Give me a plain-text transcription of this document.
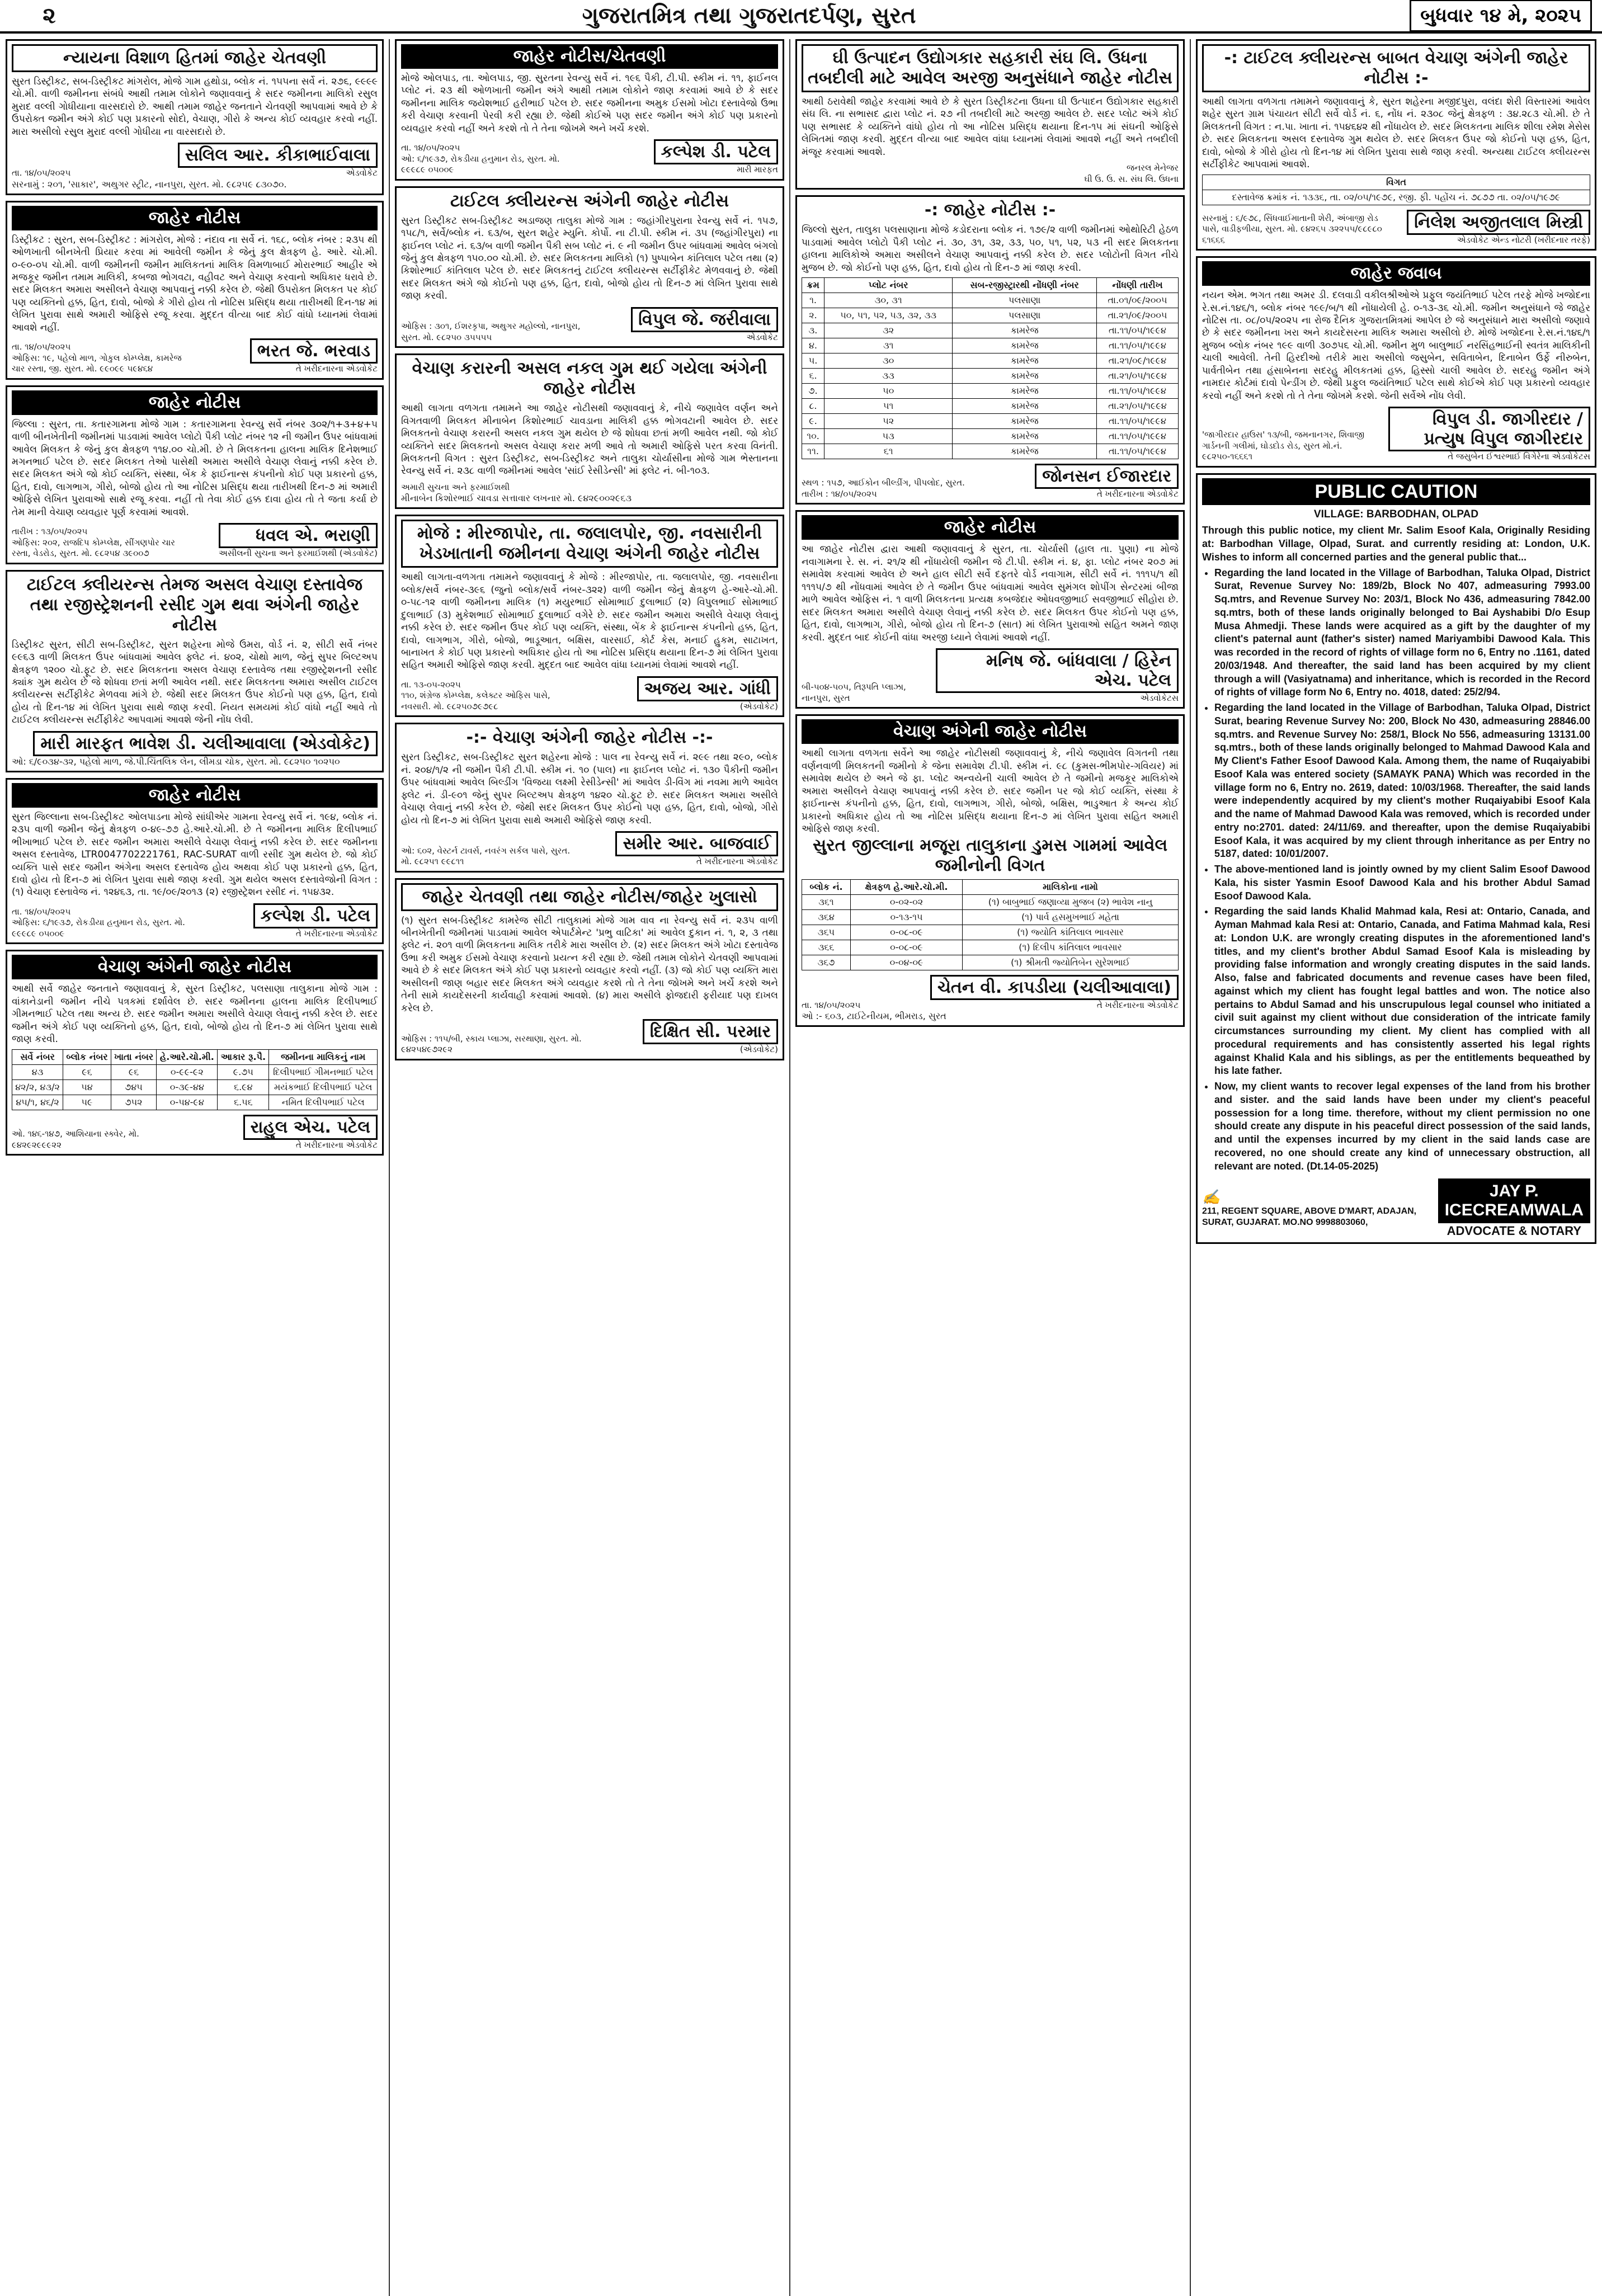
૨	ગુજરાતમિત્ર તથા ગુજરાતદર્પણ, સુરત	બુધવાર ૧૪ મે, ૨૦૨૫
ન્યાયના વિશાળ હિતમાં જાહેર ચેતવણી
સુરત ડિસ્ટ્રીકટ, સબ-ડિસ્ટ્રીકટ માંગરોલ, મોજે ગામ હથોડા, બ્લોક નં. ૧૫૫ના સર્વે નં. ૨૭૬, ૯૯૯૯ ચો.મી. વાળી જમીનના સંબંધે આથી તમામ લોકોને જણાવવાનું કે સદર જમીનના માલિકો રસુલ મુરાદ વલ્લી ગોધીયાના વારસદારો છે. આથી તમામ જાહેર જનતાને ચેતવણી આપવામાં આવે છે કે ઉપરોક્ત જમીન અંગે કોઈ પણ પ્રકારનો સોદો, વેચાણ, ગીરો કે અન્ય કોઈ વ્યવહાર કરવો નહીં. મારા અસીલો રસુલ મુરાદ વલ્લી ગોધીયા ના વારસદારો છે.
તા. ૧૪/૦૫/૨૦૨૫
સલિલ આર. કીકાભાઈવાલા
એડવોકેટ
સરનામું : ૨૦૧, 'સાકાર', અથુગર સ્ટ્રીટ, નાનપુરા, સુરત. મો. ૯૮૨૫૯ ૮૩૦૭૦.
જાહેર નોટીસ
ડિસ્ટ્રીકટ : સુરત, સબ-ડિસ્ટ્રીકટ : માંગરોલ, મોજે : નંદાવ ના સર્વે નં. ૧૬૮, બ્લોક નંબર : ૨૩૫ થી ઓળખાતી બીનખેતી પ્રિયાર કરવા માં આવેલી જમીન કે જેનું કુલ ક્ષેત્રફળ હે. આરે. ચો.મી. ૦-૯૦-૦૫ ચો.મી. વાળી જમીનની જમીન માલિકતનાં માલિક વિમળાબાઈ મોરારભાઈ આહીર એ મજકૂર જમીન તમામ માલિકી, કબજા ભોગવટા, વહીવટ અને વેચાણ કરવાનો અધિકાર ધરાવે છે. સદર મિલકત અમારા અસીલને વેચાણ આપવાનું નક્કી કરેલ છે. જેથી ઉપરોક્ત મિલકત પર કોઈ પણ વ્યક્તિનો હક્ક, હિત, દાવો, બોજો કે ગીરો હોય તો નોટિસ પ્રસિદ્ધ થયા તારીખથી દિન-૧૪ માં લેખિત પુરાવા સાથે અમારી ઓફિસે રજૂ કરવા. મુદ્દત વીત્યા બાદ કોઈ વાંધો ધ્યાનમાં લેવામાં આવશે નહીં.
તા. ૧૪/૦૫/૨૦૨૫
ઓફિસ: ૧૯, પહેલો માળ, ગોકુલ કોમ્પ્લેક્ષ, કામરેજ ચાર રસ્તા, જી. સુરત. મો. ૯૯૦૯૯ ૫૯૪૬૪
ભરત જે. ભરવાડ
તે ખરીદનારના એડવોકેટ
જાહેર નોટીસ
જિલ્લા : સુરત, તા. કતારગામના મોજે ગામ : કતારગામના રેવન્યુ સર્વે નંબર ૩૦૨/૧+૩+૪+૫ વાળી બીનખેતીની જમીનમાં પાડવામાં આવેલ પ્લોટો પૈકી પ્લોટ નંબર ૧૨ ની જમીન ઉપર બાંધવામાં આવેલ મિલકત કે જેનું કુલ ક્ષેત્રફળ ૧૧૪.૦૦ ચો.મી. છે તે મિલકતના હાલના માલિક દિનેશભાઈ મગનભાઈ પટેલ છે. સદર મિલકત તેઓ પાસેથી અમારા અસીલે વેચાણ લેવાનું નક્કી કરેલ છે. સદર મિલકત અંગે જો કોઈ વ્યક્તિ, સંસ્થા, બેંક કે ફાઈનાન્સ કંપનીનો કોઈ પણ પ્રકારનો હક્ક, હિત, દાવો, લાગભાગ, ગીરો, બોજો હોય તો આ નોટિસ પ્રસિદ્ધ થયા તારીખથી દિન-૭ માં અમારી ઓફિસે લેખિત પુરાવાઓ સાથે રજૂ કરવા. નહીં તો તેવા કોઈ હક્ક દાવા હોય તો તે જતા કર્યા છે તેમ માની વેચાણ વ્યવહાર પૂર્ણ કરવામાં આવશે.
તારીખ : ૧૩/૦૫/૨૦૨૫
ઓફિસ: ૨૦૨, રાજદિપ કોમ્પ્લેક્ષ, સીંગણપોર ચાર રસ્તા, વેડરોડ, સુરત. મો. ૯૮૨૫૪ ૩૯૦૦૭
ધવલ એ. ભરાણી
અસીલની સુચના અને ફરમાઈશથી (એડવોકેટ)
ટાઈટલ ક્લીયરન્સ તેમજ અસલ વેચાણ દસ્તાવેજ તથા રજીસ્ટ્રેશનની રસીદ ગુમ થવા અંગેની જાહેર નોટીસ
ડિસ્ટ્રીકટ સુરત, સીટી સબ-ડિસ્ટ્રીકટ, સુરત શહેરના મોજે ઉમરા, વોર્ડ નં. ૨, સીટી સર્વે નંબર ૯૯૬૩ વાળી મિલકત ઉપર બાંધવામાં આવેલ ફ્લેટ નં. ૪૦૨, ચોથો માળ, જેનું સુપર બિલ્ટઅપ ક્ષેત્રફળ ૧૨૦૦ ચો.ફૂટ છે. સદર મિલકતના અસલ વેચાણ દસ્તાવેજ તથા રજીસ્ટ્રેશનની રસીદ ક્યાંક ગુમ થયેલ છે જે શોધવા છતાં મળી આવેલ નથી. સદર મિલકતના અમારા અસીલ ટાઈટલ ક્લીયરન્સ સર્ટીફીકેટ મેળવવા માંગે છે. જેથી સદર મિલકત ઉપર કોઈનો પણ હક્ક, હિત, દાવો હોય તો દિન-૧૪ માં લેખિત પુરાવા સાથે જાણ કરવી. નિયત સમયમાં કોઈ વાંધો નહીં આવે તો ટાઈટલ ક્લીયરન્સ સર્ટીફીકેટ આપવામાં આવશે જેની નોંધ લેવી.
મારી મારફત ભાવેશ ડી. ચલીઆવાલા (એડવોકેટ)
ઓ: ૬/૯૦૩૪-૩૨, પહેલો માળ, જે.પી.ચિંતલિક લેન, લીમડા ચોક, સુરત. મો. ૯૮૨૫૦ ૧૦૨૫૦
જાહેર નોટીસ
સુરત જિલ્લાના સબ-ડિસ્ટ્રીકટ ઓલપાડના મોજે સાંધીએર ગામના રેવન્યુ સર્વે નં. ૧૯૪, બ્લોક નં. ૨૩૫ વાળી જમીન જેનું ક્ષેત્રફળ ૦-૪૯-૭૭ હે.આરે.ચો.મી. છે તે જમીનના માલિક દિલીપભાઈ ભીખાભાઈ પટેલ છે. સદર જમીન અમારા અસીલે વેચાણ લેવાનું નક્કી કરેલ છે. સદર જમીનના અસલ દસ્તાવેજ, LTR0047702221761, RAC-SURAT વાળી રસીદ ગુમ થયેલ છે. જો કોઈ વ્યક્તિ પાસે સદર જમીન અંગેના અસલ દસ્તાવેજ હોય અથવા કોઈ પણ પ્રકારનો હક્ક, હિત, દાવો હોય તો દિન-૭ માં લેખિત પુરાવા સાથે જાણ કરવી. ગુમ થયેલ અસલ દસ્તાવેજોની વિગત : (૧) વેચાણ દસ્તાવેજ નં. ૧૨૪૬૩, તા. ૧૯/૦૯/૨૦૧૩ (૨) રજીસ્ટ્રેશન રસીદ નં. ૧૫૪૩૨.
તા. ૧૪/૦૫/૨૦૨૫
ઓફિસ: ૬/૧૯૩૭, રોકડીયા હનુમાન રોડ, સુરત. મો. ૯૯૯૮૯ ૦૫૦૦૯
કલ્પેશ ડી. પટેલ
તે ખરીદનારના એડવોકેટ
વેચાણ અંગેની જાહેર નોટીસ
આથી સર્વે જાહેર જનતાને જણાવવાનું કે, સુરત ડિસ્ટ્રીકટ, પલસાણા તાલુકાના મોજે ગામ : વાંકાનેડાની જમીન નીચે પત્રકમાં દર્શાવેલ છે. સદર જમીનના હાલના માલિક દિલીપભાઈ ગીમનભાઈ પટેલ તથા અન્ય છે. સદર જમીન અમારા અસીલે વેચાણ લેવાનું નક્કી કરેલ છે. સદર જમીન અંગે કોઈ પણ વ્યક્તિનો હક્ક, હિત, દાવો, બોજો હોય તો દિન-૭ માં લેખિત પુરાવા સાથે જાણ કરવી.
સર્વે નંબર	બ્લોક નંબર	ખાતા નંબર	હે.આરે.ચો.મી.	આકાર રૂ.પૈ.	જમીનના માલિકનું નામ
૪૩	૯૬	૯૬	૦-૯૯-૯૨	૯.૭૫	દિલીપભાઈ ગીમનભાઈ પટેલ
૪૨/૨, ૪૩/૨	૫૪	૭૪૫	૦-૩૯-૪૪	૬.૯૪	મયંકભાઈ દિલીપભાઈ પટેલ
૪૫/૧, ૪૬/૨	૫૯	૭૫૨	૦-૫૪-૯૪	૬.૫૬	નમિત દિલીપભાઈ પટેલ
ઓ. ૧૪૬-૧૪૭, આશિયાના સ્ક્વેર, મો. ૯૪૨૯૨૯૯૯૨૨
રાહુલ એચ. પટેલ
તે ખરીદનારના એડવોકેટ
જાહેર નોટીસ/ચેતવણી
મોજે ઓલપાડ, તા. ઓલપાડ, જી. સુરતના રેવન્યુ સર્વે નં. ૧૯૬ પૈકી, ટી.પી. સ્કીમ નં. ૧૧, ફાઈનલ પ્લોટ નં. ૨૩ થી ઓળખાતી જમીન અંગે આથી તમામ લોકોને જાણ કરવામાં આવે છે કે સદર જમીનના માલિક જયેશભાઈ હરીભાઈ પટેલ છે. સદર જમીનના અમુક ઈસમો ખોટા દસ્તાવેજો ઉભા કરી વેચાણ કરવાની પેરવી કરી રહ્યા છે. જેથી કોઈએ પણ સદર જમીન અંગે કોઈ પણ પ્રકારનો વ્યવહાર કરવો નહીં અને કરશે તો તે તેના જોખમે અને ખર્ચે કરશે.
તા. ૧૪/૦૫/૨૦૨૫
ઓ: ૬/૧૯૩૭, રોકડીયા હનુમાન રોડ, સુરત. મો. ૯૯૯૮૯ ૦૫૦૦૯
કલ્પેશ ડી. પટેલ
મારી મારફત
ટાઈટલ ક્લીયરન્સ અંગેની જાહેર નોટીસ
સુરત ડિસ્ટ્રીકટ સબ-ડિસ્ટ્રીકટ અડાજણ તાલુકા મોજે ગામ : જહાંગીરપુરાના રેવન્યુ સર્વે નં. ૧૫૭, ૧૫૮/૧, સર્વે/બ્લોક નં. ૬૩/બ, સુરત શહેર મ્યુનિ. કોર્પો. ના ટી.પી. સ્કીમ નં. ૩૫ (જહાંગીરપુરા) ના ફાઈનલ પ્લોટ નં. ૬૩/બ વાળી જમીન પૈકી સબ પ્લોટ નં. ૯ ની જમીન ઉપર બાંધવામાં આવેલ બંગલો જેનું કુલ ક્ષેત્રફળ ૧૫૦.૦૦ ચો.મી. છે. સદર મિલકતના માલિકો (૧) પુષ્પાબેન કાંતિલાલ પટેલ તથા (૨) કિશોરભાઈ કાંતિલાલ પટેલ છે. સદર મિલકતનું ટાઈટલ ક્લીયરન્સ સર્ટીફીકેટ મેળવવાનું છે. જેથી સદર મિલકત અંગે જો કોઈનો પણ હક્ક, હિત, દાવો, બોજો હોય તો દિન-૭ માં લેખિત પુરાવા સાથે જાણ કરવી.
ઓફિસ : ૩૦૧, ઈશરકૃપા, અથુગર મહોલ્લો, નાનપુરા, સુરત. મો. ૯૮૨૫૦ ૩૫૫૫૫
વિપુલ જે. જરીવાલા
એડવોકેટ
વેચાણ કરારની અસલ નકલ ગુમ થઈ ગયેલા અંગેની જાહેર નોટીસ
આથી લાગતા વળગતા તમામને આ જાહેર નોટીસથી જણાવવાનું કે, નીચે જણાવેલ વર્ણન અને વિગતવાળી મિલકત મીનાબેન કિશોરભાઈ ચાવડાના માલિકી હક્ક ભોગવટાની આવેલ છે. સદર મિલકતનો વેચાણ કરારની અસલ નકલ ગુમ થયેલ છે જે શોધવા છતાં મળી આવેલ નથી. જો કોઈ વ્યક્તિને સદર મિલકતનો અસલ વેચાણ કરાર મળી આવે તો અમારી ઓફિસે પરત કરવા વિનંતી. મિલકતની વિગત : સુરત ડિસ્ટ્રીકટ, સબ-ડિસ્ટ્રીકટ અને તાલુકા ચોર્યાસીના મોજે ગામ ભેસ્તાનના રેવન્યુ સર્વે નં. ૨૩૮ વાળી જમીનમાં આવેલ 'સાંઈ રેસીડેન્સી' માં ફ્લેટ નં. બી-૧૦૩.
અમારી સુચના અને ફરમાઈશથી
મીનાબેન કિશોરભાઈ ચાવડા સત્તાવાર લખનાર મો. ૯૪૨૯૦૦૨૯૬૩
મોજે : મીરજાપોર, તા. જલાલપોર, જી. નવસારીની ખેડખાતાની જમીનના વેચાણ અંગેની જાહેર નોટીસ
આથી લાગતા-વળગતા તમામને જણાવવાનું કે મોજે : મીરજાપોર, તા. જલાલપોર, જી. નવસારીના બ્લોક/સર્વે નંબર-૩૯૬ (જુનો બ્લોક/સર્વે નંબર-૩૨૨) વાળી જમીન જેનું ક્ષેત્રફળ હે-આરે-ચો.મી. ૦-૫૮-૧૨ વાળી જમીનના માલિક (૧) મયુરભાઈ સોમાભાઈ દુલાભાઈ (૨) વિપુલભાઈ સોમાભાઈ દુલાભાઈ (૩) મુકેશભાઈ સોમાભાઈ દુલાભાઈ વગેરે છે. સદર જમીન અમારા અસીલે વેચાણ લેવાનું નક્કી કરેલ છે. સદર જમીન ઉપર કોઈ પણ વ્યક્તિ, સંસ્થા, બેંક કે ફાઈનાન્સ કંપનીનો હક્ક, હિત, દાવો, લાગભાગ, ગીરો, બોજો, ભાડૂઆત, બક્ષિસ, વારસાઈ, કોર્ટ કેસ, મનાઈ હુકમ, સાટાખત, બાનાખત કે કોઈ પણ પ્રકારનો અધિકાર હોય તો આ નોટિસ પ્રસિદ્ધ થયાના દિન-૭ માં લેખિત પુરાવા સહિત અમારી ઓફિસે જાણ કરવી. મુદ્દત બાદ આવેલ વાંધા ધ્યાનમાં લેવામાં આવશે નહીં.
તા. ૧૩-૦૫-૨૦૨૫
૧૧૦, શંગ્રેજ કોમ્પ્લેક્ષ, કલેક્ટર ઓફિસ પાસે, નવસારી. મો. ૯૮૨૫૦૭૯૭૯૮
અજય આર. ગાંધી
(એડવોકેટ)
-:- વેચાણ અંગેની જાહેર નોટીસ -:-
સુરત ડિસ્ટ્રીકટ, સબ-ડિસ્ટ્રીકટ સુરત શહેરના મોજે : પાલ ના રેવન્યુ સર્વે નં. ૨૯૯ તથા ૨૯૦, બ્લોક નં. ૨૦૪/૧/૨ ની જમીન પૈકી ટી.પી. સ્કીમ નં. ૧૦ (પાલ) ના ફાઈનલ પ્લોટ નં. ૧૩૦ પૈકીની જમીન ઉપર બાંધવામાં આવેલ બિલ્ડીંગ 'વિજયા લક્ષ્મી રેસીડેન્સી' માં આવેલ ડી-વિંગ માં નવમા માળે આવેલ ફ્લેટ નં. ડી-૯૦૧ જેનું સુપર બિલ્ટઅપ ક્ષેત્રફળ ૧૪૨૦ ચો.ફૂટ છે. સદર મિલકત અમારા અસીલે વેચાણ લેવાનું નક્કી કરેલ છે. જેથી સદર મિલકત ઉપર કોઈનો પણ હક્ક, હિત, દાવો, બોજો, ગીરો હોય તો દિન-૭ માં લેખિત પુરાવા સાથે અમારી ઓફિસે જાણ કરવી.
ઓ: ૬૦૨, વેસ્ટર્ન ટાવર્સ, નવરંગ સર્કલ પાસે, સુરત. મો. ૯૮૨૫૧ ૯૯૮૧૧
સમીર આર. બાજવાઈ
તે ખરીદનારના એડવોકેટ
જાહેર ચેતવણી તથા જાહેર નોટીસ/જાહેર ખુલાસો
(૧) સુરત સબ-ડિસ્ટ્રીકટ કામરેજ સીટી તાલુકામાં મોજે ગામ વાવ ના રેવન્યુ સર્વે નં. ૨૩૫ વાળી બીનખેતીની જમીનમાં પાડવામાં આવેલ એપાર્ટમેન્ટ 'પ્રભુ વાટિકા' માં આવેલ દુકાન નં. ૧, ૨, ૩ તથા ફ્લેટ નં. ૨૦૧ વાળી મિલકતના માલિક તરીકે મારા અસીલ છે. (૨) સદર મિલકત અંગે ખોટા દસ્તાવેજ ઉભા કરી અમુક ઈસમો વેચાણ કરવાનો પ્રયત્ન કરી રહ્યા છે. જેથી તમામ લોકોને ચેતવણી આપવામાં આવે છે કે સદર મિલકત અંગે કોઈ પણ પ્રકારનો વ્યવહાર કરવો નહીં. (૩) જો કોઈ પણ વ્યક્તિ મારા અસીલની જાણ બહાર સદર મિલકત અંગે વ્યવહાર કરશે તો તે તેના જોખમે અને ખર્ચે કરશે અને તેની સામે કાયદેસરની કાર્યવાહી કરવામાં આવશે. (૪) મારા અસીલે ફોજદારી ફરીયાદ પણ દાખલ કરેલ છે.
ઓફિસ : ૧૧૫/બી, સ્કાય પ્લાઝા, સરથાણા, સુરત. મો. ૯૪૨૫૪૯૭૨૯૨
દિક્ષિત સી. પરમાર
(એડવોકેટ)
ઘી ઉત્પાદન ઉદ્યોગકાર સહકારી સંઘ લિ. ઉધના તબદીલી માટે આવેલ અરજી અનુસંધાને જાહેર નોટીસ
આથી ઠરાવેથી જાહેર કરવામાં આવે છે કે સુરત ડિસ્ટ્રીકટના ઉધના ઘી ઉત્પાદન ઉદ્યોગકાર સહકારી સંઘ લિ. ના સભાસદ દ્વારા પ્લોટ નં. ૨૭ ની તબદીલી માટે અરજી આવેલ છે. સદર પ્લોટ અંગે કોઈ પણ સભાસદ કે વ્યક્તિને વાંધો હોય તો આ નોટિસ પ્રસિદ્ધ થયાના દિન-૧૫ માં સંઘની ઓફિસે લેખિતમાં જાણ કરવી. મુદ્દત વીત્યા બાદ આવેલ વાંધા ધ્યાનમાં લેવામાં આવશે નહીં અને તબદીલી મંજૂર કરવામાં આવશે.
જનરલ મેનેજર
ઘી ઉ. ઉ. સ. સંઘ લિ. ઉધના
-: જાહેર નોટીસ :-
જિલ્લો સુરત, તાલુકા પલસાણાના મોજે કડોદરાના બ્લોક નં. ૧૭૯/૨ વાળી જમીનમાં ઓથોરિટી હેઠળ પાડવામાં આવેલ પ્લોટો પૈકી પ્લોટ નં. ૩૦, ૩૧, ૩૨, ૩૩, ૫૦, ૫૧, ૫૨, ૫૩ ની સદર મિલકતના હાલના માલિકોએ અમારા અસીલને વેચાણ આપવાનું નક્કી કરેલ છે. સદર પ્લોટોની વિગત નીચે મુજબ છે. જો કોઈનો પણ હક્ક, હિત, દાવો હોય તો દિન-૭ માં જાણ કરવી.
ક્રમ	પ્લોટ નંબર	સબ-રજીસ્ટ્રારથી નોંધણી નંબર	નોંધણી તારીખ
૧.	૩૦, ૩૧	પલસાણા	તા.૦૧/૦૯/૨૦૦૫
૨.	૫૦, ૫૧, ૫૨, ૫૩, ૩૨, ૩૩	પલસાણા	તા.૨૧/૦૯/૨૦૦૫
૩.	૩૨	કામરેજ	તા.૧૧/૦૫/૧૯૯૪
૪.	૩૧	કામરેજ	તા.૧૧/૦૫/૧૯૯૪
૫.	૩૦	કામરેજ	તા.૨૧/૦૯/૧૯૯૪
૬.	૩૩	કામરેજ	તા.૨૧/૦૫/૧૯૯૪
૭.	૫૦	કામરેજ	તા.૧૧/૦૫/૧૯૯૪
૮.	૫૧	કામરેજ	તા.૨૧/૦૫/૧૯૯૪
૯.	૫૨	કામરેજ	તા.૧૧/૦૫/૧૯૯૪
૧૦.	૫૩	કામરેજ	તા.૧૧/૦૫/૧૯૯૪
૧૧.	૬૧	કામરેજ	તા.૧૧/૦૫/૧૯૯૪
સ્થળ : ૧૫૭, આઈકોન બીલ્ડીંગ, પીપલોદ, સુરત.
તારીખ : ૧૪/૦૫/૨૦૨૫
જોનસન ઈજારદાર
તે ખરીદનારના એડવોકેટ
જાહેર નોટીસ
આ જાહેર નોટીસ દ્વારા આથી જણાવવાનું કે સુરત, તા. ચોર્યાસી (હાલ તા. પુણા) ના મોજે નવાગામના રે. સ. નં. ૨૧/૨ થી નોંધાયેલી જમીન જે ટી.પી. સ્કીમ નં. ૪, ફા. પ્લોટ નંબર ૨૦૭ માં સમાવેશ કરવામાં આવેલ છે અને હાલ સીટી સર્વે દફતરે વોર્ડ નવાગામ, સીટી સર્વે નં. ૧૧૧૫/૧ થી ૧૧૧૫/૭ થી નોંધવામાં આવેલ છે તે જમીન ઉપર બાંધવામાં આવેલ સુમંગલ શોપીંગ સેન્ટરમાં બીજા માળે આવેલ ઓફિસ નં. ૧ વાળી મિલકતના પ્રત્યક્ષ કબજેદાર ઓધવજીભાઈ સવજીભાઈ સીહોરા છે. સદર મિલકત અમારા અસીલે વેચાણ લેવાનું નક્કી કરેલ છે. સદર મિલકત ઉપર કોઈનો પણ હક્ક, હિત, દાવો, લાગભાગ, ગીરો, બોજો હોય તો દિન-૭ (સાત) માં લેખિત પુરાવાઓ સહિત અમને જાણ કરવી. મુદ્દત બાદ કોઈની વાંધા અરજી ધ્યાને લેવામાં આવશે નહીં.
બી-૫૦૪-૫૦૫, તિરૂપતિ પ્લાઝા, નાનપુરા, સુરત
મનિષ જે. બાંધવાલા / હિરેન એચ. પટેલ
એડવોકેટસ
વેચાણ અંગેની જાહેર નોટીસ
આથી લાગતા વળગતા સર્વેને આ જાહેર નોટીસથી જણાવવાનું કે, નીચે જણાવેલ વિગતની તથા વર્ણનવાળી મિલકતની જમીનો કે જેના સમાવેશ ટી.પી. સ્કીમ નં. ૯૮ (કુમસ-ભીમપોર-ગવિયર) માં સમાવેશ થયેલ છે અને જે ફા. પ્લોટ અન્વયેની ચાલી આવેલ છે તે જમીનો મજકૂર માલિકોએ અમારા અસીલને વેચાણ આપવાનું નક્કી કરેલ છે. સદર જમીન પર જો કોઈ વ્યક્તિ, સંસ્થા કે ફાઈનાન્સ કંપનીનો હક્ક, હિત, દાવો, લાગભાગ, ગીરો, બોજો, બક્ષિસ, ભાડુઆત કે અન્ય કોઈ પ્રકારનો અધિકાર હોય તો આ નોટિસ પ્રસિદ્ધ થયાના દિન-૭ માં લેખિત પુરાવા સહિત અમારી ઓફિસે જાણ કરવી.
સુરત જીલ્લાના મજૂરા તાલુકાના ડુમસ ગામમાં આવેલ જમીનોની વિગત
બ્લોક નં.	ક્ષેત્રફળ હે.આરે.ચો.મી.	માલિકોના નામો
૩૬૧	૦-૦૨-૦૨	(૧) બાબુભાઈ જણાવ્યા મુજબ (૨) ભાવેશ નાનુ
૩૬૪	૦-૧૩-૧૫	(૧) પાર્વ હસમુખભાઈ મહેતા
૩૬૫	૦-૦૮-૦૯	(૧) જ્યોતિ કાંતિલાલ ભાવસાર
૩૬૬	૦-૦૮-૦૯	(૧) દિલીપ કાંતિલાલ ભાવસાર
૩૬૭	૦-૦૪-૦૯	(૧) શ્રીમતી જ્યોતિબેન સુરેશભાઈ
તા. ૧૪/૦૫/૨૦૨૫
ચેતન વી. કાપડીયા (ચલીઆવાલા)
તે ખરીદનારના એડવોકેટ
ઓ :- ૬૦૩, ટાઈટેનીયમ, ભીમરાડ, સુરત
-: ટાઈટલ ક્લીયરન્સ બાબત વેચાણ અંગેની જાહેર નોટીસ :-
આથી લાગતા વળગતા તમામને જણાવવાનું કે, સુરત શહેરના મજીદપુરા, વલંદા શેરી વિસ્તારમાં આવેલ શહેર સુરત ગ્રામ પંચાયત સીટી સર્વે વોર્ડ નં. ૬, નોંધ નં. ૨૩૦૮ જેનું ક્ષેત્રફળ : ૩૪.૨૮૩ ચો.મી. છે તે મિલકતની વિગત : ન.પા. ખાતા નં. ૧૫૪૬૪૨ થી નોંધાયેલ છે. સદર મિલકતના માલિક શીલા રમેશ મેસેસ છે. સદર મિલકતના અસલ દસ્તાવેજ ગુમ થયેલ છે. સદર મિલકત ઉપર જો કોઈનો પણ હક્ક, હિત, દાવો, બોજો કે ગીરો હોય તો દિન-૧૪ માં લેખિત પુરાવા સાથે જાણ કરવી. અન્યથા ટાઈટલ ક્લીયરન્સ સર્ટીફીકેટ આપવામાં આવશે.
વિગત
દસ્તાવેજ ક્રમાંક નં. ૧૩૩૬, તા. ૦૨/૦૫/૧૯૭૯, રજી. ફી. પહોંચ નં. ૭૮૭૭ તા. ૦૨/૦૫/૧૯૭૯
સરનામું : ૬/૯૭૮, સિંધવાઈમાતાની શેરી, અંબાજી રોડ પાસે, વાડીફળીયા, સુરત. મો. ૯૪૨૬૫ ૩૨૨૫૫/૯૮૯૮૦ ૬૧૬૬૬
નિલેશ અજીતલાલ મિસ્ત્રી
એડવોકેટ એન્ડ નોટરી (ખરીદનાર તરફે)
જાહેર જવાબ
નયન એમ. ભગત તથા અમર ડી. દલવાડી વકીલશ્રીઓએ પ્રફુલ જયંતિભાઈ પટેલ તરફે મોજે ખજોદના રે.સ.નં.૧૪૬/૧, બ્લોક નંબર ૧૯૯/બ/૧ થી નોંધાયેલી હે. ૦-૧૩-૩૬ ચો.મી. જમીન અનુસંધાને જે જાહેર નોટિસ તા. ૦૮/૦૫/૨૦૨૫ ના રોજ દૈનિક ગુજરાતમિત્રમાં આપેલ છે જે અનુસંધાને મારા અસીલો જણાવે છે કે સદર જમીનના ખરા અને કાયદેસરના માલિક અમારા અસીલો છે. મોજે ખજોદના રે.સ.નં.૧૪૬/૧ મુજબ બ્લોક નંબર ૧૯૯ વાળી ૩૦૭૫૬ ચો.મી. જમીન મુળ બાલુભાઈ નરસિંહભાઈની સ્વતંત્ર માલિકીની ચાલી આવેલી. તેની હિરદીઓ તરીકે મારા અસીલો જસુબેન, સવિતાબેન, દિનાબેન ઉર્ફે નીરુબેન, પાર્વતીબેન તથા હંસાબેનના સદરહુ મીલકતમાં હક્ક, હિસ્સો ચાલી આવેલ છે. સદરહુ જમીન અંગે નામદાર કોર્ટમાં દાવો પેન્ડીંગ છે. જેથી પ્રફુલ જયંતિભાઈ પટેલ સાથે કોઈએ કોઈ પણ પ્રકારનો વ્યવહાર કરવો નહીં અને કરશે તો તે તેના જોખમે કરશે. જેની સર્વેએ નોંધ લેવી.
'જાગીરદાર હાઉસ' ૧૩/બી, જમનાનગર, શિવાજી ગાર્ડનની ગલીમાં, ઘોડદોડ રોડ, સુરત મો.નં. ૯૮૨૫૦-૧૬૬૬૧
વિપુલ ડી. જાગીરદાર / પ્રત્યુષ વિપુલ જાગીરદાર
તે જસુબેન ઈશ્વરભાઈ વિગેરેના એડવોકેટસ
PUBLIC CAUTION
VILLAGE: BARBODHAN, OLPAD
Through this public notice, my client Mr. Salim Esoof Kala, Originally Residing at: Barbodhan Village, Olpad, Surat. and currently residing at: London, U.K. Wishes to inform all concerned parties and the general public that...
• Regarding the land located in the Village of Barbodhan, Taluka Olpad, District Surat, Revenue Survey No: 189/2b, Block No 407, admeasuring 7993.00 Sq.mtrs, and Revenue Survey No: 203/1, Block No 436, admeasuring 7842.00 sq.mtrs, both of these lands originally belonged to Bai Ayshabibi D/o Esup Musa Ahmedji. These lands were acquired as a gift by the daughter of my client's paternal aunt (father's sister) named Mariyambibi Dawood Kala. This was recorded in the record of rights of village form no 6, Entry no .1161, dated 20/03/1948. And thereafter, the said land has been acquired by my client through a will (Vasiyatnama) and inheritance, which is recorded in the Record of rights of village form No 6, Entry no. 4018, dated: 25/2/94.
• Regarding the land located in the Village of Barbodhan, Taluka Olpad, District Surat, bearing Revenue Survey No: 200, Block No 430, admeasuring 28846.00 sq.mtrs. and Revenue Survey No: 258/1, Block No 556, admeasuring 13131.00 sq.mtrs., both of these lands originally belonged to Mahmad Dawood Kala and My Client's Father Esoof Dawood Kala. Among them, the name of Ruqaiyabibi Esoof Kala was entered society (SAMAYK PANA) Which was recorded in the village form no 6, Entry no. 2619, dated: 10/03/1968. Thereafter, the said lands were independently acquired by my client's mother Ruqaiyabibi Esoof Kala and the name of Mahmad Dawood Kala was removed, which is recorded under entry no:2701. dated: 24/11/69. and thereafter, upon the demise Ruqaiyabibi Esoof Kala, it was acquired by my client through inheritance as per Entry no 5187, dated: 10/01/2007.
• The above-mentioned land is jointly owned by my client Salim Esoof Dawood Kala, his sister Yasmin Esoof Dawood Kala and his brother Abdul Samad Esoof Dawood Kala.
• Regarding the said lands Khalid Mahmad kala, Resi at: Ontario, Canada, and Ayman Mahmad kala Resi at: Ontario, Canada, and Fatima Mahmad kala, Resi at: London U.K. are wrongly creating disputes in the aforementioned land's titles, and my client's brother Abdul Samad Esoof Kala is misleading by providing false information and wrongly creating disputes in the said lands. Also, false and fabricated documents and revenue cases have been filed, against which my client has fought legal battles and won. The notice also pertains to Abdul Samad and his unscrupulous legal counsel who initiated a civil suit against my client without due consideration of the intricate family circumstances surrounding my client. My client has complied with all procedural requirements and has consistently asserted his legal rights against Khalid Kala and his siblings, as per the entitlements bequeathed by his late father.
• Now, my client wants to recover legal expenses of the land from his brother and sister. and the said lands have been under my client's peaceful possession for a long time. therefore, without my client permission no one should create any dispute in his peaceful direct possession of the said lands, and until the expenses incurred by my client in the said lands case are recovered, no one should create any kind of unnecessary obstruction, all relevant are noted. (Dt.14-05-2025)
✍
211, REGENT SQUARE, ABOVE D'MART, ADAJAN, SURAT, GUJARAT. MO.NO 9998803060,
JAY P. ICECREAMWALA
ADVOCATE & NOTARY
